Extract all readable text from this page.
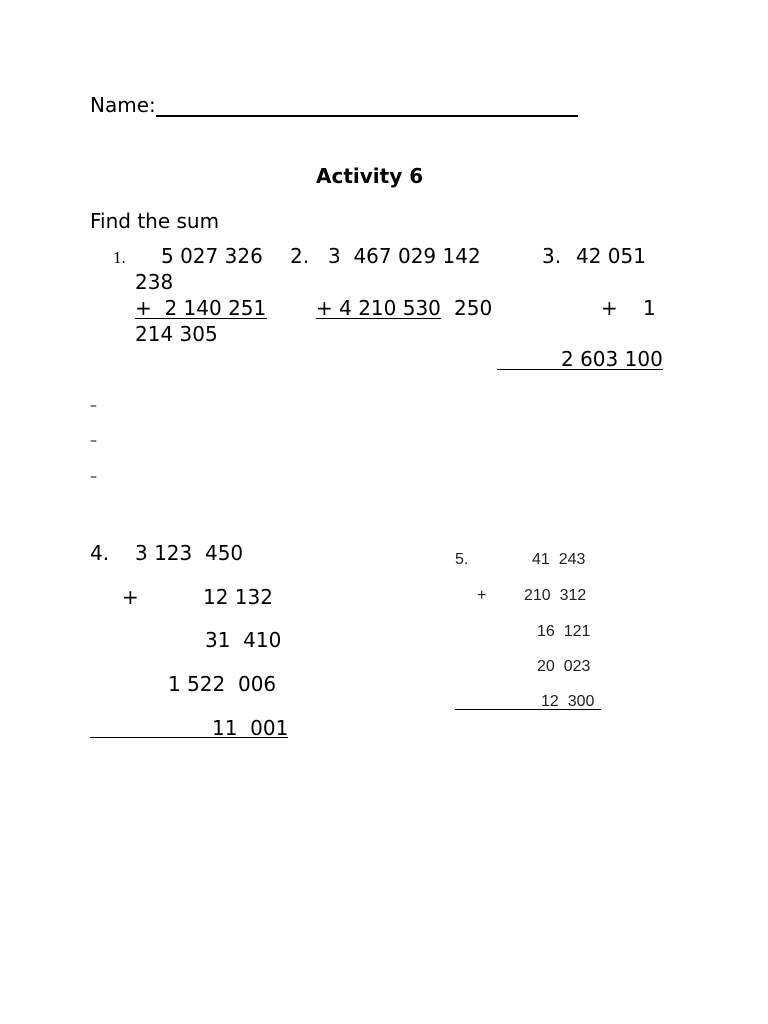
Name:
Activity 6
Find the sum
1. 5 027 326
+  2 140 251
2. 3  467 029 142
+ 4 210 530 250
3. 42 051
238
+ 1
214 305
2 603 100
–
–
–
4. 3 123  450
+	12 132
31  410
1 522  006
11  001
5.	41  243
+ 210  312
16  121
20  023
12  300
